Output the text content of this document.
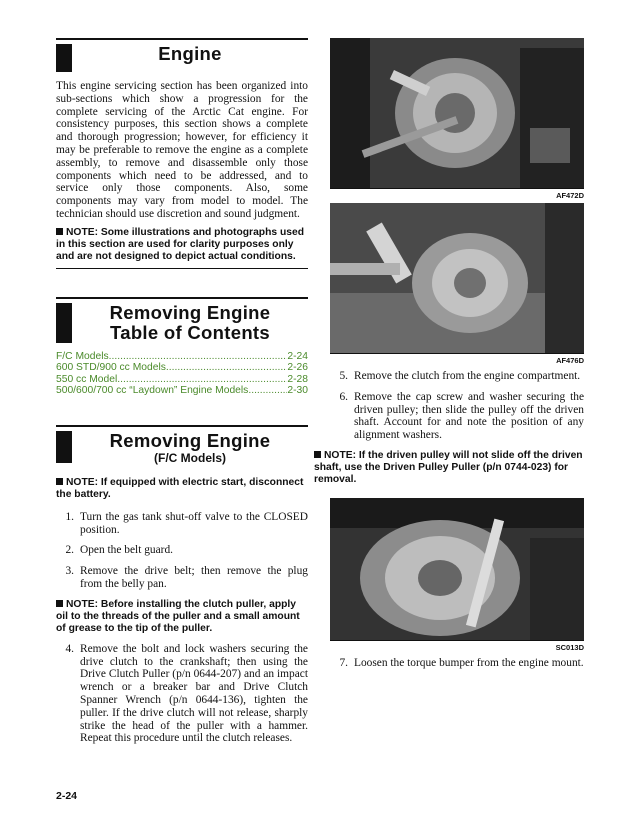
Engine

This engine servicing section has been organized into sub-sections which show a progression for the complete servicing of the Arctic Cat engine. For consistency purposes, this section shows a complete and thorough progression; however, for efficiency it may be preferable to remove the engine as a complete assembly, to remove and disassemble only those components which need to be addressed, and to service only those components. Also, some components may vary from model to model. The technician should use discretion and sound judgment.

NOTE: Some illustrations and photographs used in this section are used for clarity purposes only and are not designed to depict actual conditions.
Removing Engine
Table of Contents
F/C Models .....	2-24
600 STD/900 cc Models .....	2-26
550 cc Model .....	2-28
500/600/700 cc “Laydown” Engine Models .....	2-30
Removing Engine
(F/C Models)
NOTE: If equipped with electric start, disconnect the battery.
1. Turn the gas tank shut-off valve to the CLOSED position.
2. Open the belt guard.
3. Remove the drive belt; then remove the plug from the belly pan.
NOTE: Before installing the clutch puller, apply oil to the threads of the puller and a small amount of grease to the tip of the puller.
4. Remove the bolt and lock washers securing the drive clutch to the crankshaft; then using the Drive Clutch Puller (p/n 0644-207) and an impact wrench or a breaker bar and Drive Clutch Spanner Wrench (p/n 0644-136), tighten the puller. If the drive clutch will not release, sharply strike the head of the puller with a hammer. Repeat this procedure until the clutch releases.
AF472D
AF476D
5. Remove the clutch from the engine compartment.
6. Remove the cap screw and washer securing the driven pulley; then slide the pulley off the driven shaft. Account for and note the position of any alignment washers.
NOTE: If the driven pulley will not slide off the driven shaft, use the Driven Pulley Puller (p/n 0744-023) for removal.
SC013D
7. Loosen the torque bumper from the engine mount.
2-24
